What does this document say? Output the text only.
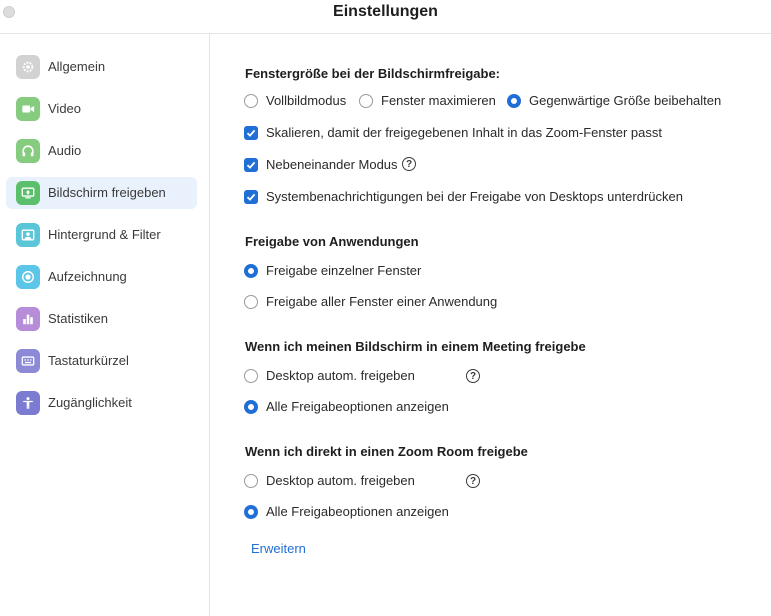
Einstellungen
Allgemein
Video
Audio
Bildschirm freigeben
Hintergrund & Filter
Aufzeichnung
Statistiken
Tastaturkürzel
Zugänglichkeit
Fenstergröße bei der Bildschirmfreigabe:
Vollbildmodus	Fenster maximieren	Gegenwärtige Größe beibehalten
Skalieren, damit der freigegebenen Inhalt in das Zoom-Fenster passt
Nebeneinander Modus ?
Systembenachrichtigungen bei der Freigabe von Desktops unterdrücken
Freigabe von Anwendungen
Freigabe einzelner Fenster
Freigabe aller Fenster einer Anwendung
Wenn ich meinen Bildschirm in einem Meeting freigebe
Desktop autom. freigeben	?
Alle Freigabeoptionen anzeigen
Wenn ich direkt in einen Zoom Room freigebe
Desktop autom. freigeben	?
Alle Freigabeoptionen anzeigen
Erweitern
